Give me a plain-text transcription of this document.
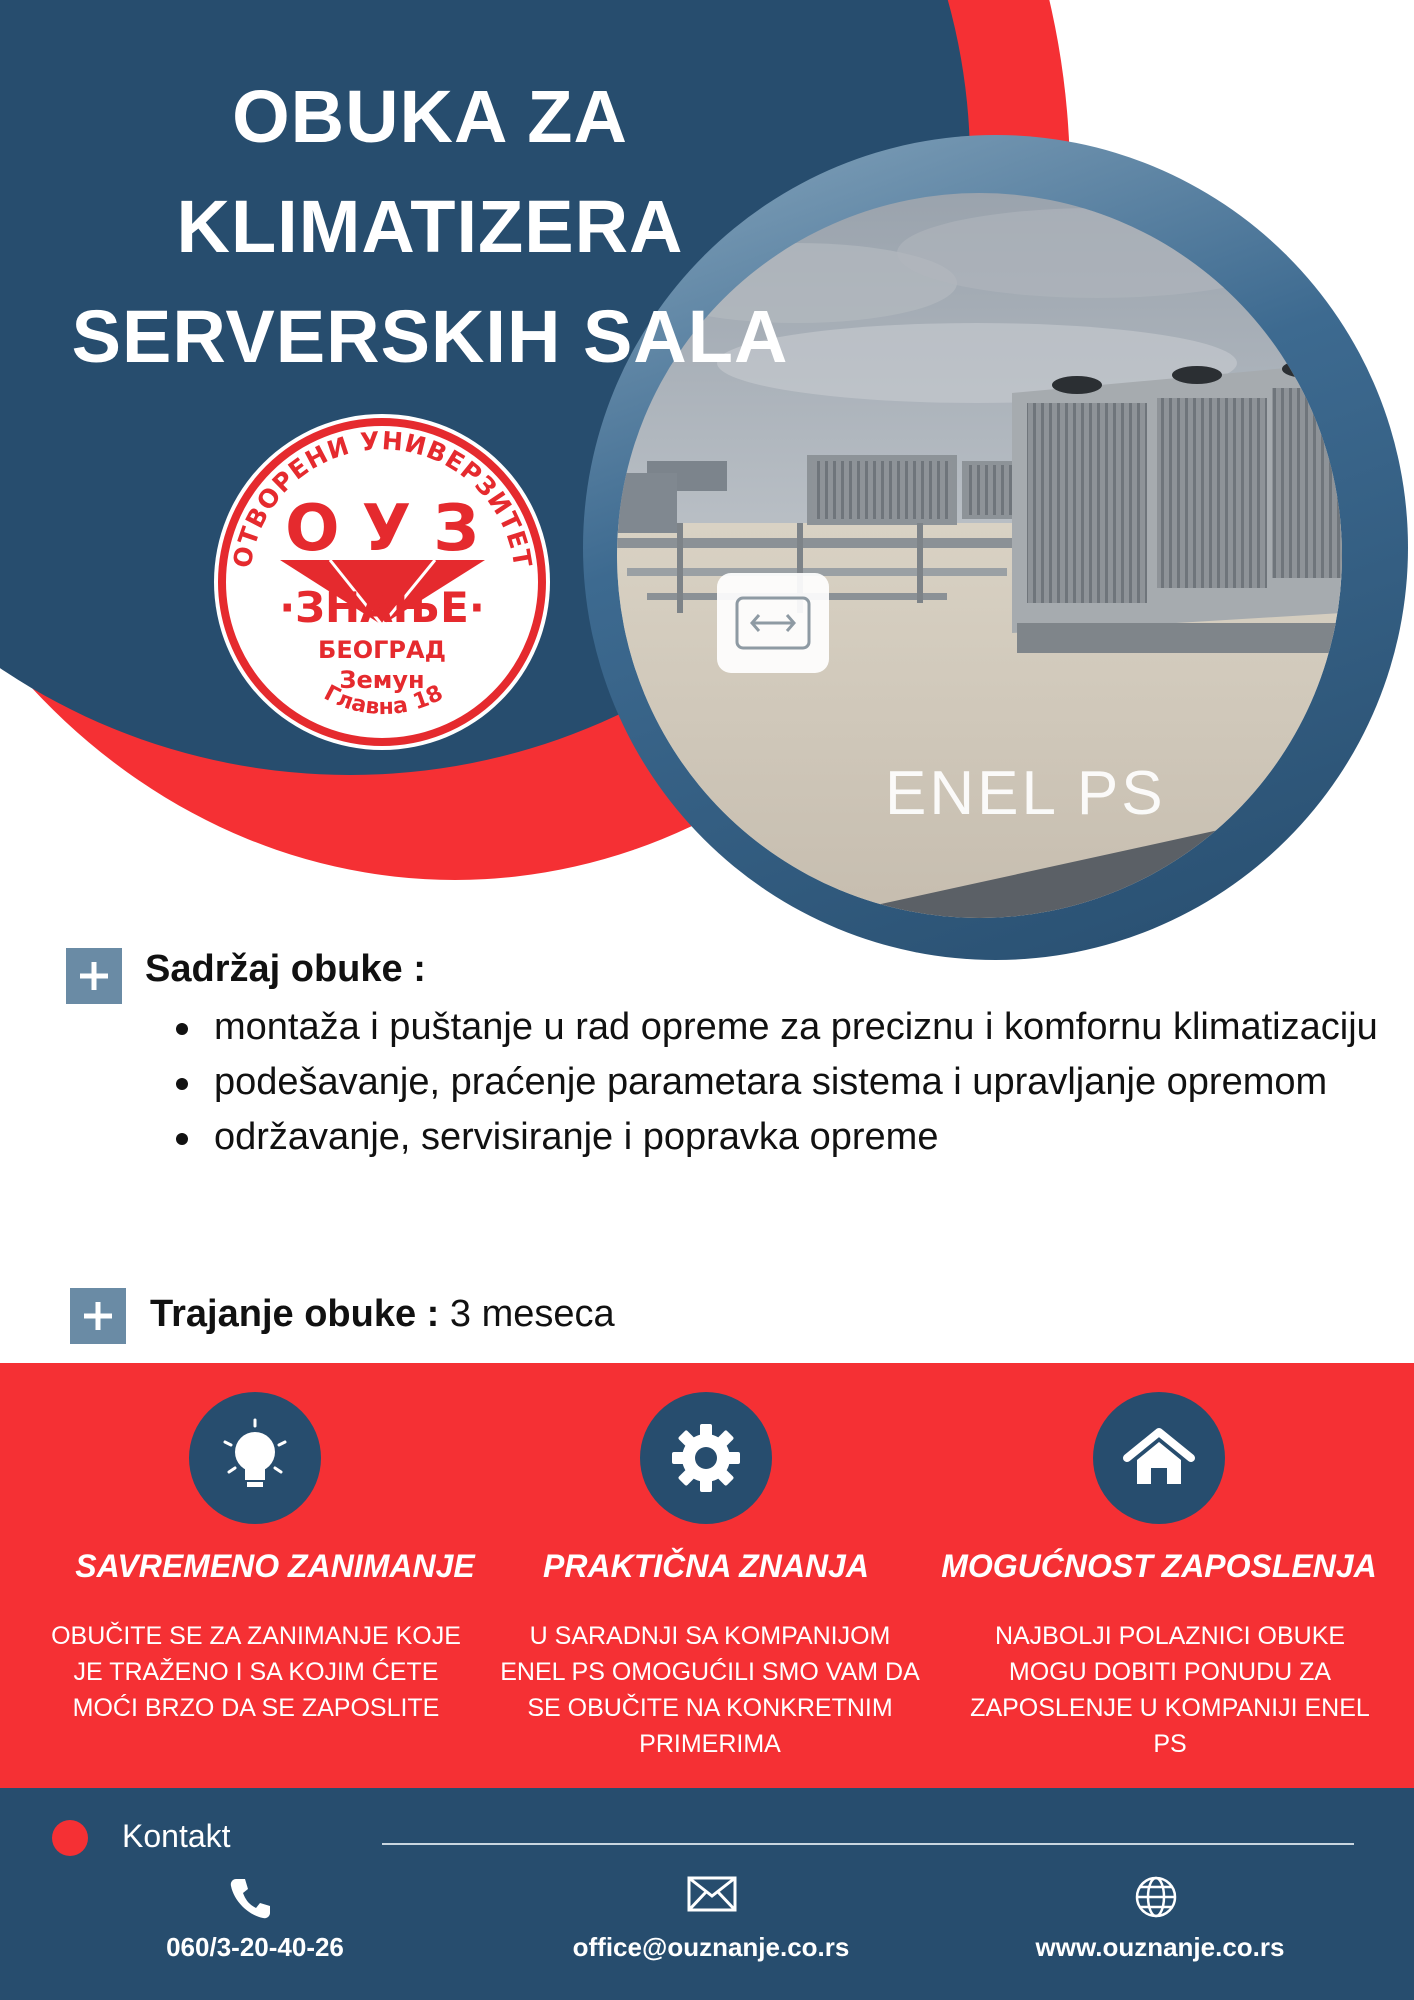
ENEL PS
OBUKA ZA
KLIMATIZERA
SERVERSKIH SALA
ОТВОРЕНИ УНИВЕРЗИТЕТ
О У З
·ЗНАЊЕ·
БЕОГРАД
Земун
Главна 18
Sadržaj obuke :
montaža i puštanje u rad opreme za preciznu i komfornu klimatizaciju
podešavanje, praćenje parametara sistema i upravljanje opremom
održavanje, servisiranje i popravka opreme
Trajanje obuke : 3 meseca
SAVREMENO ZANIMANJE
OBUČITE SE ZA ZANIMANJE KOJE JE TRAŽENO I SA KOJIM ĆETE MOĆI BRZO DA SE ZAPOSLITE
PRAKTIČNA ZNANJA
U SARADNJI SA KOMPANIJOM ENEL PS OMOGUĆILI SMO VAM DA SE OBUČITE NA KONKRETNIM PRIMERIMA
MOGUĆNOST ZAPOSLENJA
NAJBOLJI POLAZNICI OBUKE MOGU DOBITI PONUDU ZA ZAPOSLENJE U KOMPANIJI ENEL PS
Kontakt
060/3-20-40-26	office@ouznanje.co.rs	www.ouznanje.co.rs
